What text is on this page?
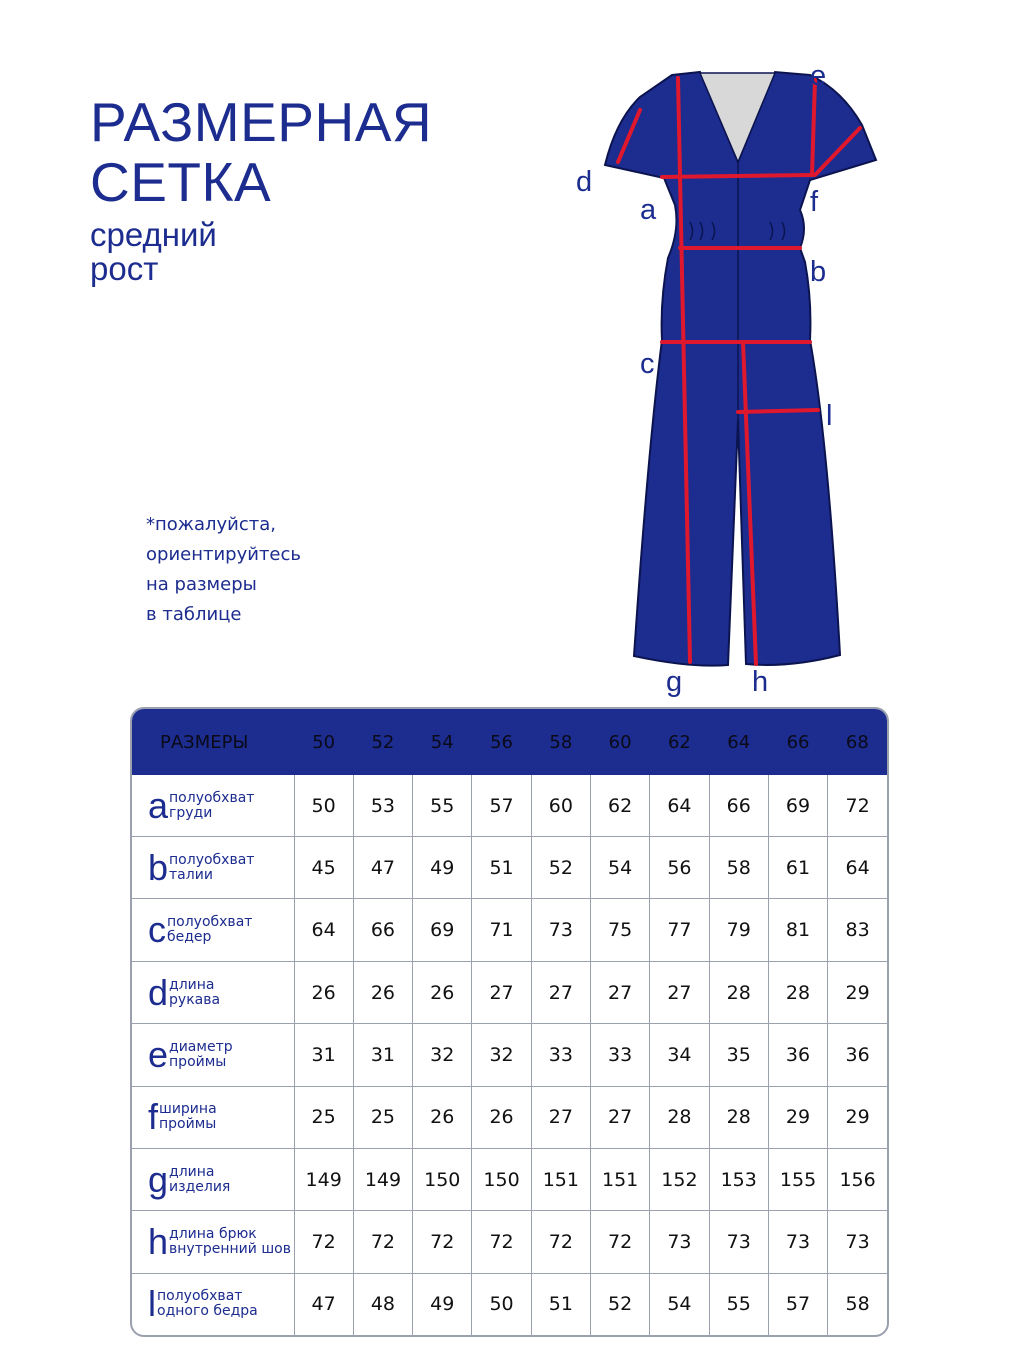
РАЗМЕРНАЯ
СЕТКА
средний
рост
*пожалуйста,
ориентируйтесь
на размеры
в таблице
e
d
a	f
b
c
l
g h
РАЗМЕРЫ	50	52	54	56	58	60	62	64	66	68
a полуобхват
груди	50	53	55	57	60	62	64	66	69	72
b полуобхват
талии	45	47	49	51	52	54	56	58	61	64
c полуобхват
бедер	64	66	69	71	73	75	77	79	81	83
d длина
рукава	26	26	26	27	27	27	27	28	28	29
e диаметр
проймы	31	31	32	32	33	33	34	35	36	36
f ширина
проймы	25	25	26	26	27	27	28	28	29	29
g длина
изделия	149	149	150	150	151	151	152	153	155	156
h длина брюк
внутренний шов	72	72	72	72	72	72	73	73	73	73
l полуобхват
одного бедра	47	48	49	50	51	52	54	55	57	58
